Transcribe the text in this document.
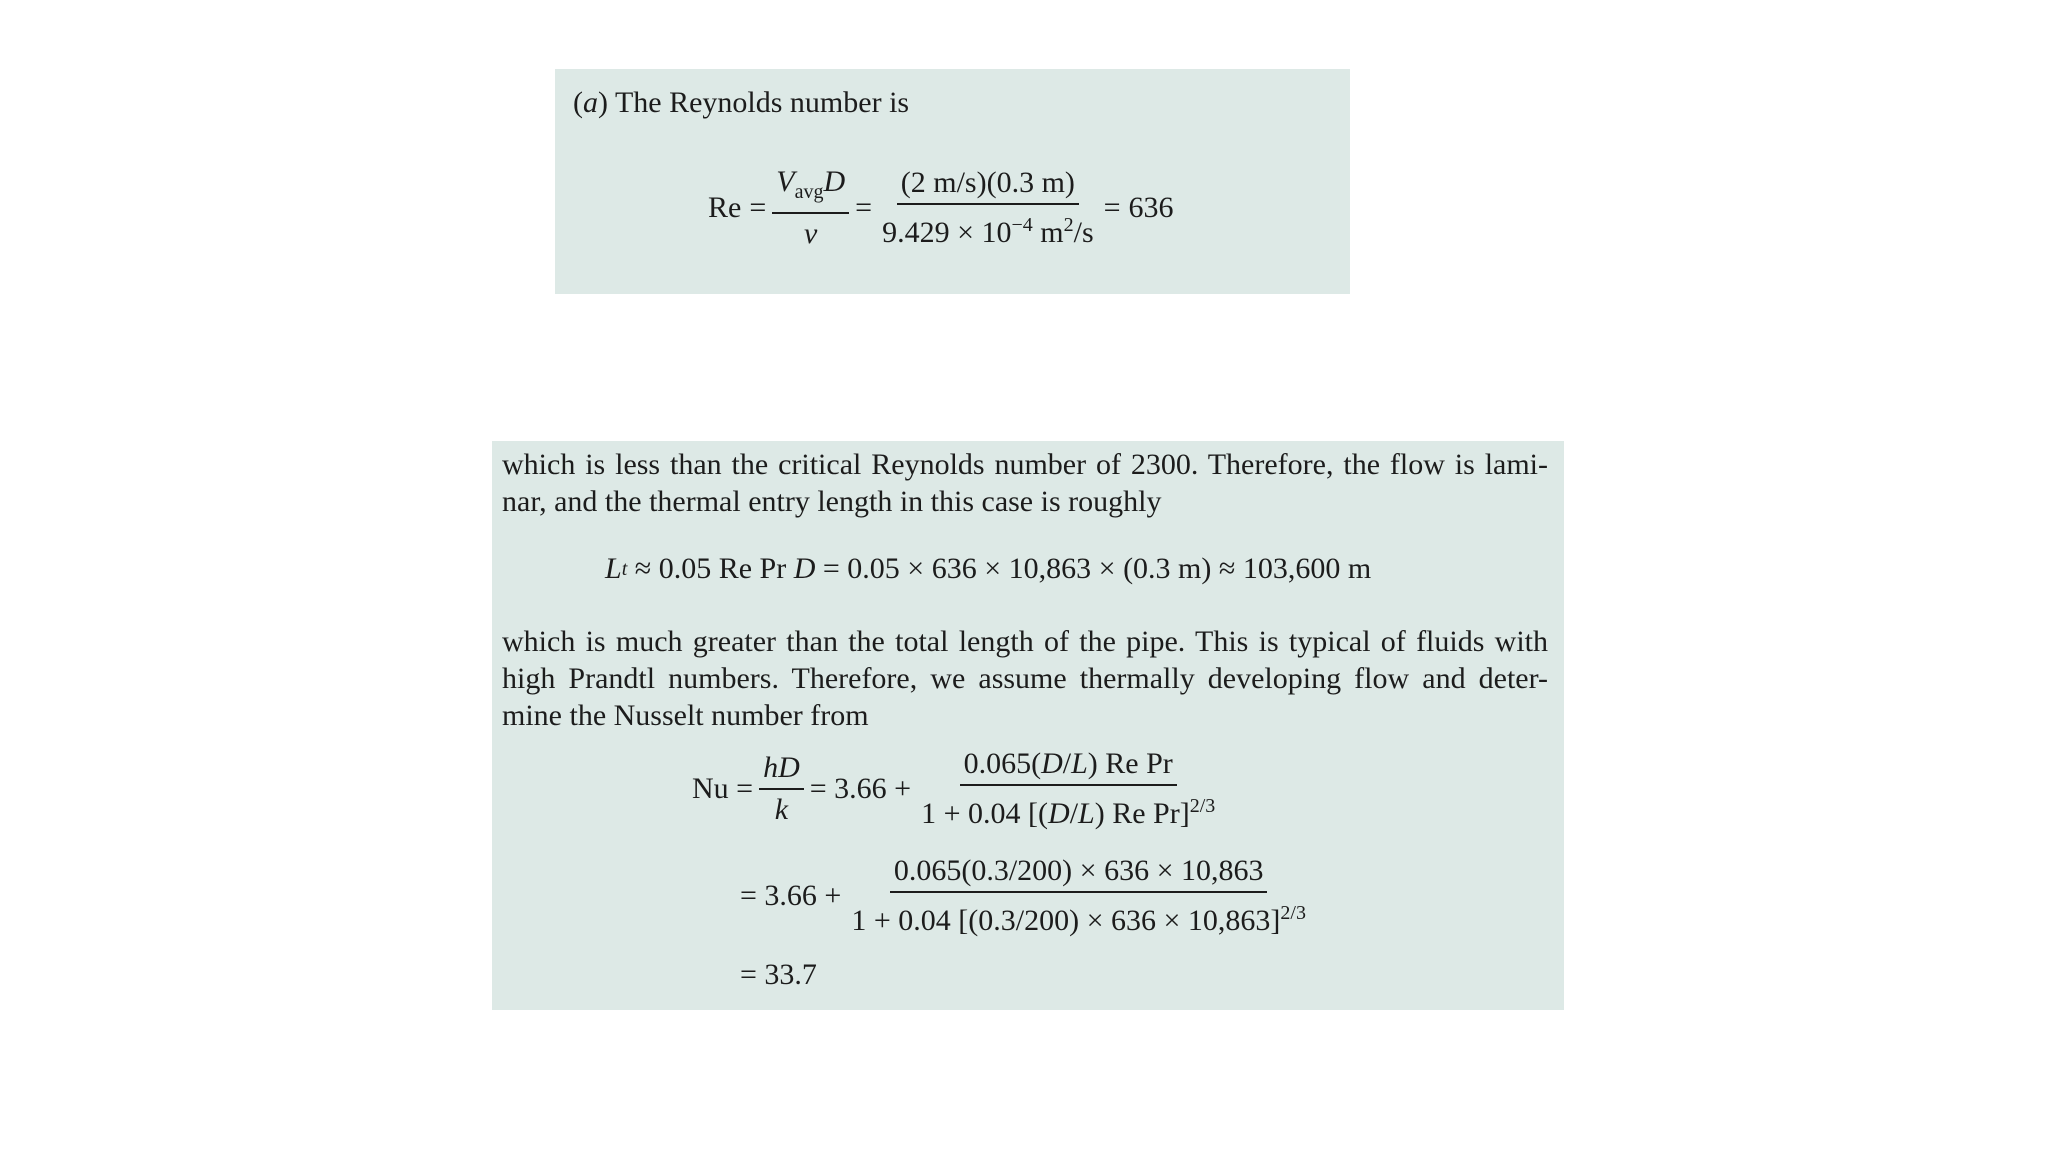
(a) The Reynolds number is
$Re = \frac{V_{avg}D}{\nu} = \frac{(2 m/s)(0.3 m)}{9.429 \times 10^{-4} m^2/s} = 636$
which is less than the critical Reynolds number of 2300. Therefore, the flow is lami-
nar, and the thermal entry length in this case is roughly
L t ≈ 0.05 Re Pr D = 0.05 × 636 × 10,863 × (0.3 m) ≈ 103,600 m
which is much greater than the total length of the pipe. This is typical of fluids with
high Prandtl numbers. Therefore, we assume thermally developing flow and deter-
mine the Nusselt number from
$Nu = \frac{hD}{k} = 3.66 + \frac{\text{0.065(D/L) Re Pr}}{1 + 0.04 [(D/L) Re Pr]^{2/3}}$
= $3.66 + \frac{0.065(0.3/200) \times 636 \times 10,863}{1 + 0.04 [(0.3/200) \times 636 \times 10,863]^{2/3}}$
= 33.7
